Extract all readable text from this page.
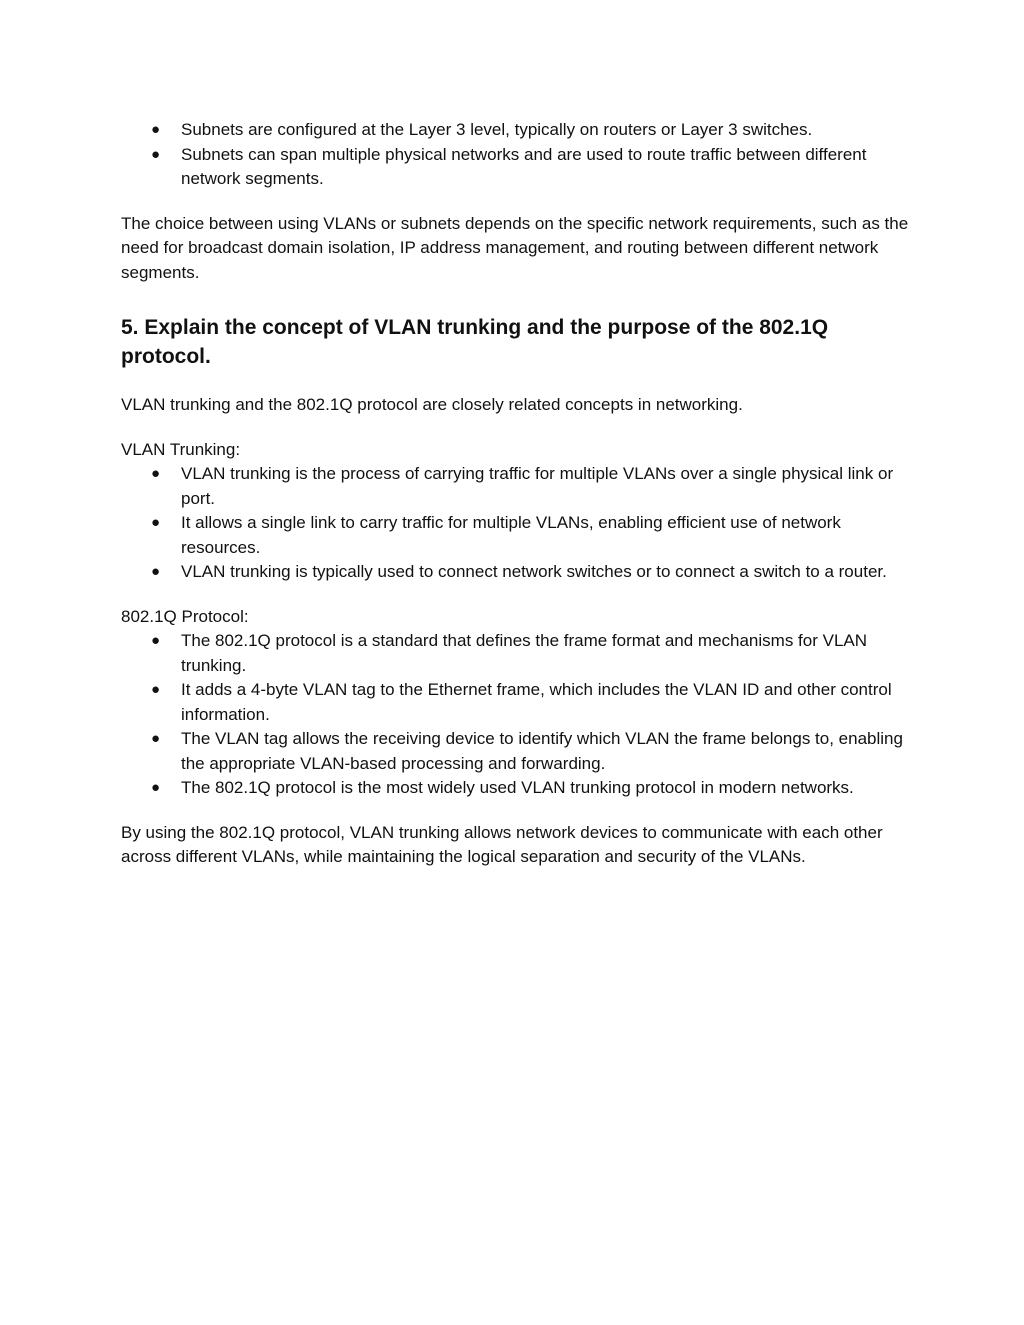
● Subnets are configured at the Layer 3 level, typically on routers or Layer 3 switches.
● Subnets can span multiple physical networks and are used to route traffic between different network segments.

The choice between using VLANs or subnets depends on the specific network requirements, such as the need for broadcast domain isolation, IP address management, and routing between different network segments.

5. Explain the concept of VLAN trunking and the purpose of the 802.1Q protocol.

VLAN trunking and the 802.1Q protocol are closely related concepts in networking.

VLAN Trunking:

● VLAN trunking is the process of carrying traffic for multiple VLANs over a single physical link or port.
● It allows a single link to carry traffic for multiple VLANs, enabling efficient use of network resources.
● VLAN trunking is typically used to connect network switches or to connect a switch to a router.

802.1Q Protocol:

● The 802.1Q protocol is a standard that defines the frame format and mechanisms for VLAN trunking.
● It adds a 4-byte VLAN tag to the Ethernet frame, which includes the VLAN ID and other control information.
● The VLAN tag allows the receiving device to identify which VLAN the frame belongs to, enabling the appropriate VLAN-based processing and forwarding.
● The 802.1Q protocol is the most widely used VLAN trunking protocol in modern networks.

By using the 802.1Q protocol, VLAN trunking allows network devices to communicate with each other across different VLANs, while maintaining the logical separation and security of the VLANs.
